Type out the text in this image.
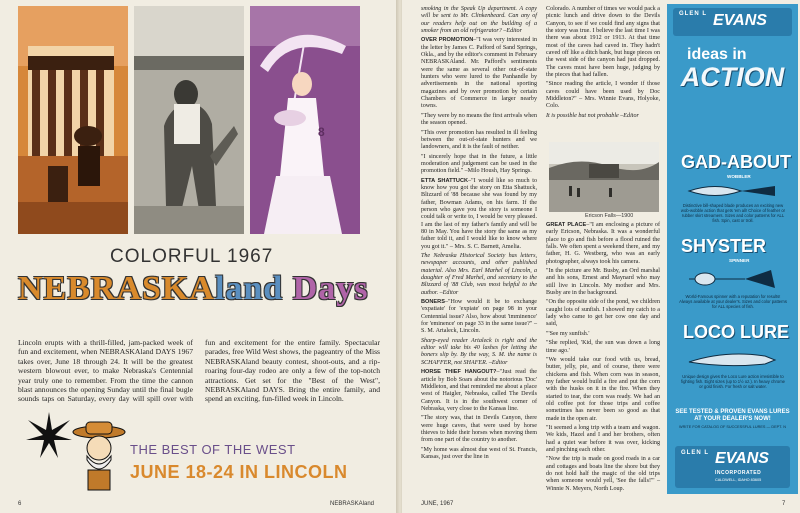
8
COLORFUL 1967
NEBRASKAland Days
Lincoln erupts with a thrill-filled, jam-packed week of fun and excitement, when NEBRASKAland DAYS 1967 takes over, June 18 through 24. It will be the greatest western blowout ever, to make Nebraska's Centennial year truly one to remember. From the time the cannon blast announces the opening Sunday until the final bugle sounds taps on Saturday, every day will spill over with fun and excitement for the entire family. Spectacular parades, free Wild West shows, the pageantry of the Miss NEBRASKAland beauty contest, shoot-outs, and a rip-roaring four-day rodeo are only a few of the top-notch attractions. Get set for the "Best of the West", NEBRASKAland DAYS. Bring the entire family, and spend an exciting, fun-filled week in Lincoln.
THE BEST OF THE WEST
JUNE 18-24 IN LINCOLN
6	NEBRASKAland

smoking in the Speak Up department. A copy will be sent to Mr. Clinkenbeard. Can any of our readers help out on the building of a smoker from an old refrigerator? –Editor

OVER PROMOTION–"I was very interested in the letter by James C. Pafford of Sand Springs, Okla., and by the editor's comment in February NEBRASKAland. Mr. Pafford's sentiments were the same as several other out-of-state hunters who were lured to the Panhandle by advertisements in the national sporting magazines and by over promotion by certain Chambers of Commerce in larger nearby towns.

"They were by no means the first arrivals when the season opened.

"This over promotion has resulted in ill feeling between the out-of-state hunters and we landowners, and it is the fault of neither.

"I sincerely hope that in the future, a little moderation and judgement can be used in the promotion field." –Milo Housh, Hay Springs.

ETTA SHATTUCK–"I would like so much to know how you got the story on Etta Shattuck, Blizzard of '88 because she was found by my father, Bowman Adams, on his farm. If the person who gave you the story is someone I could talk or write to, I would be very pleased. I am the last of my father's family and will be 80 in May. You have the story the same as my father told it, and I would like to know where you got it." – Mrs. S. C. Barnett, Amelia.

The Nebraska Historical Society has letters, newspaper accounts, and other published material. Also Mrs. Earl Marhel of Lincoln, a daughter of Fred Marhel, and secretary to the Blizzard of '88 Club, was most helpful to the author. –Editor

BONERS–"How would it be to exchange 'expatiate' for 'expiate' on page 98 in your Centennial issue? Also, how about 'imminence' for 'eminence' on page 33 in the same issue?" – S. M. Artaleck, Lincoln.

Sharp-eyed reader Artaleck is right and the editor will take his 40 lashes for letting the boners slip by. By the way, S. M. the name is SCHAFFER, not SHAFER. –Editor

HORSE THIEF HANGOUT?–"Just read the article by Bob Soars about the notorious 'Doc' Middleton, and that reminded me about a place west of Haigler, Nebraska, called The Devils Canyon. It is in the southwest corner of Nebraska, very close to the Kansas line.

"The story was, that in Devils Canyon, there were huge caves, that were used by horse thieves to hide their horses when moving them from one part of the country to another.

"My home was almost due west of St. Francis, Kansas, just over the line in

Colorado. A number of times we would pack a picnic lunch and drive down to the Devils Canyon, to see if we could find any signs that the story was true. I believe the last time I was there was about 1912 or 1913. At that time most of the caves had caved in. They hadn't caved off like a ditch bank, but huge pieces on the west side of the canyon had just dropped. The caves must have been huge, judging by the pieces that had fallen.

"Since reading the article, I wonder if those caves could have been used by Doc Middleton?" – Mrs. Winnie Evans, Holyoke, Colo.

It is possible but not probable –Editor

Ericson Falls—1900

GREAT PLACE–"I am enclosing a picture of early Ericson, Nebraska. It was a wonderful place to go and fish before a flood ruined the falls. We often spent a weekend there, and my father, H. G. Westberg, who was an early photographer, always took his camera.

"In the picture are Mr. Busby, an Ord marshal and his sons, Ernest and Maynard who may still live in Lincoln. My mother and Mrs. Busby are in the background.

"On the opposite side of the pond, we children caught lots of sunfish. I showed my catch to a lady who came to get her cow one day and said,

"'See my sunfish.'

"She replied, 'Kid, the sun was down a long time ago.'

"We would take our food with us, bread, butter, jelly, pie, and of course, there were chickens and fish. When corn was in season, my father would build a fire and put the corn with the husks on it in the fire. When they started to tear, the corn was ready. We had an old coffee pot for those trips and coffee sometimes has never been so good as that made in the open air.

"It seemed a long trip with a team and wagon. We kids, Hazel and I and her brothers, often had a quiet war before it was over, kicking and pinching each other.

"Now the trip is made on good roads in a car and cottages and boats line the shore but they do not hold half the magic of the old trips when someone would yell, 'See the falls!'" – Winnie N. Meyers, North Loup.

JUNE, 1967	7
GLEN L EVANS
ideas in
ACTION
GAD-ABOUT
WOBBLER
Distinctive bill-shaped blade produces an exciting new wob-wobble action that gets 'em all! Choice of feather or rubber skirt streamers. Sizes and color patterns for ALL fish. Spin, cast or troll.
SHYSTER
SPINNER
World-Famous spinner with a reputation for results! Always available at your dealer's. Sizes and color patterns for ALL species of fish.
LOCO LURE
Unique design gives the Loco Lure action irresistible to fighting fish. Eight sizes (up to 1½ oz.). In heavy chrome or gold finish. For fresh or salt water.
SEE TESTED & PROVEN EVANS LURES AT YOUR DEALER'S NOW!
WRITE FOR CATALOG OF SUCCESSFUL LURES — DEPT. N
GLEN L EVANS
INCORPORATED
CALDWELL, IDAHO 83605
